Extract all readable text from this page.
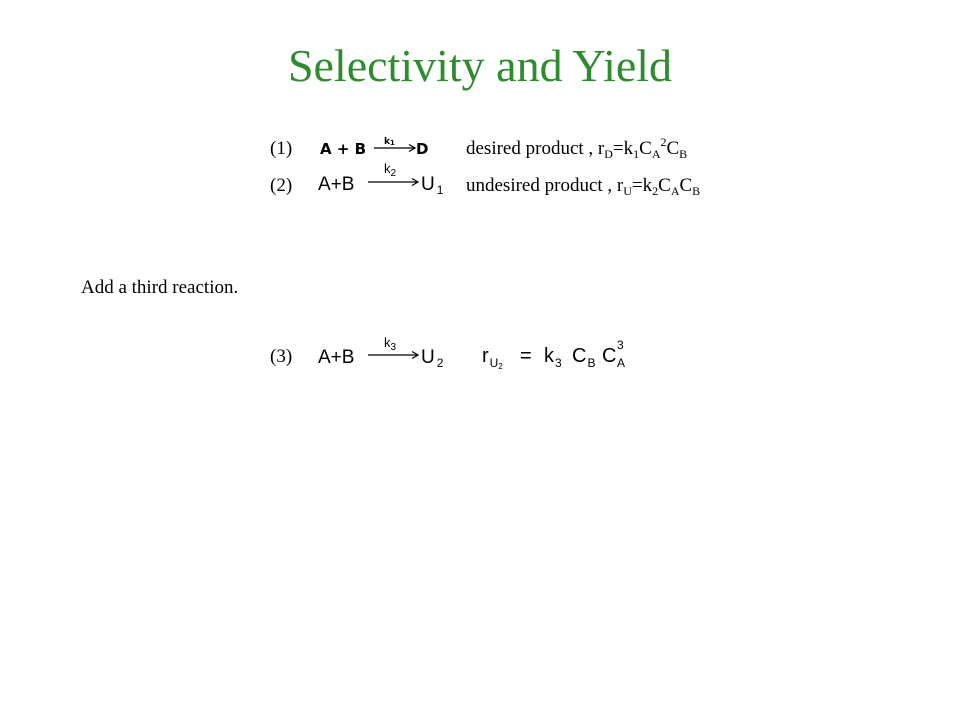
Selectivity and Yield
(1) A + B k1 D desired product , $r_D=k_1C_A^2C_B$
(2) A+B
$k_2$
U $_1$ undesired product , $r_U=k_2C_AC_B$
Add a third reaction.
(3) A+B
$k_3$ U $_2$ $r_U2 = k_3$ $C_B$ C A
3
